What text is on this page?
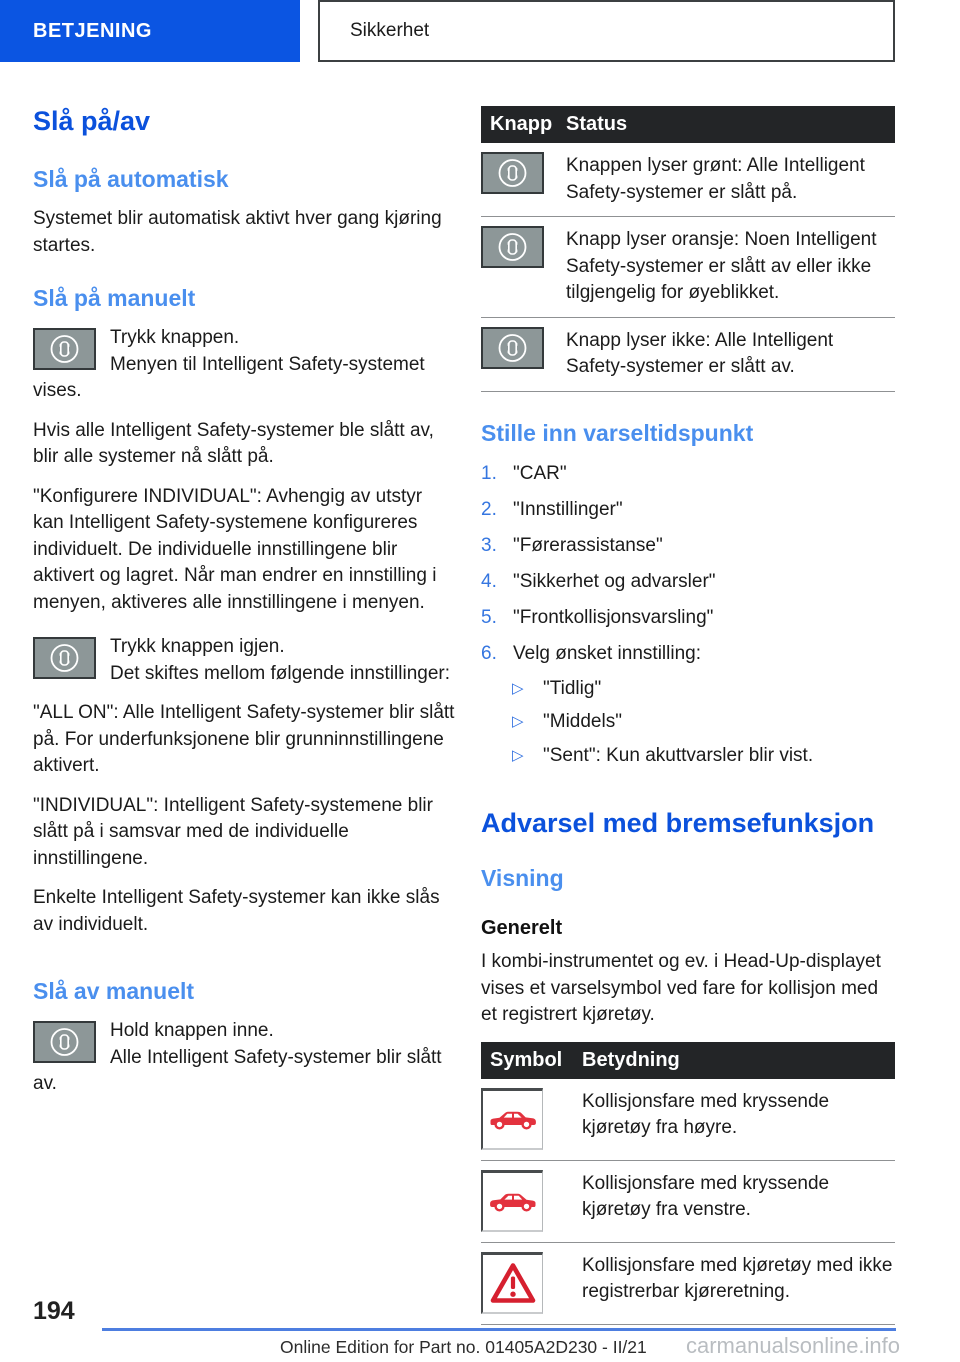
BETJENING	Sikkerhet
Slå på/av
Slå på automatisk

Systemet blir automatisk aktivt hver gang kjøring startes.

Slå på manuelt

Trykk knappen.
Menyen til Intelligent Safety-systemet vises.

Hvis alle Intelligent Safety-systemer ble slått av, blir alle systemer nå slått på.

"Konfigurere INDIVIDUAL": Avhengig av utstyr kan Intelligent Safety-systemene konfigureres individuelt. De individuelle innstillingene blir aktivert og lagret. Når man endrer en innstilling i menyen, aktiveres alle innstillingene i menyen.

Trykk knappen igjen.
Det skiftes mellom følgende innstillinger:

"ALL ON": Alle Intelligent Safety-systemer blir slått på. For underfunksjonene blir grunninnstillingene aktivert.

"INDIVIDUAL": Intelligent Safety-systemene blir slått på i samsvar med de individuelle innstillingene.

Enkelte Intelligent Safety-systemer kan ikke slås av individuelt.

Slå av manuelt

Hold knappen inne.
Alle Intelligent Safety-systemer blir slått av.

Knapp Status
Knappen lyser grønt: Alle Intelligent Safety-systemer er slått på.
Knapp lyser oransje: Noen Intelligent Safety-systemer er slått av eller ikke tilgjengelig for øyeblikket.
Knapp lyser ikke: Alle Intelligent Safety-systemer er slått av.
Stille inn varseltidspunkt
1. "CAR"
2. "Innstillinger"
3. "Førerassistanse"
4. "Sikkerhet og advarsler"
5. "Frontkollisjonsvarsling"
6. Velg ønsket innstilling:
▷	"Tidlig"
▷	"Middels"
▷	"Sent": Kun akuttvarsler blir vist.
Advarsel med bremsefunksjon
Visning
Generelt

I kombi-instrumentet og ev. i Head-Up-displayet vises et varselsymbol ved fare for kollisjon med et registrert kjøretøy.

Symbol Betydning
Kollisjonsfare med kryssende kjøretøy fra høyre.
Kollisjonsfare med kryssende kjøretøy fra venstre.
Kollisjonsfare med kjøretøy med ikke registrerbar kjøreretning.
194
Online Edition for Part no. 01405A2D230 - II/21 carmanualsonline.info
